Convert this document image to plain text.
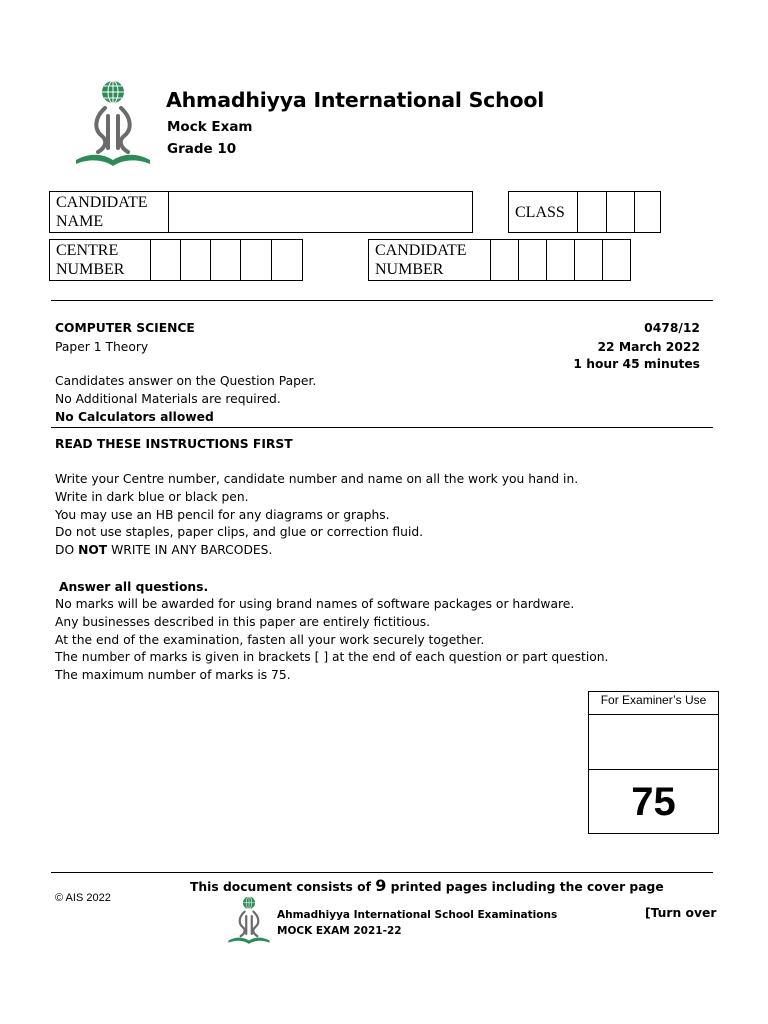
Ahmadhiyya International School
Mock Exam
Grade 10
CANDIDATE
NAME
CLASS
CENTRE
NUMBER
CANDIDATE
NUMBER
COMPUTER SCIENCE
Paper 1 Theory
0478/12
22 March 2022
1 hour 45 minutes
Candidates answer on the Question Paper.
No Additional Materials are required.
No Calculators allowed
READ THESE INSTRUCTIONS FIRST
Write your Centre number, candidate number and name on all the work you hand in.
Write in dark blue or black pen.
You may use an HB pencil for any diagrams or graphs.
Do not use staples, paper clips, and glue or correction fluid.
DO NOT WRITE IN ANY BARCODES.
Answer all questions.
No marks will be awarded for using brand names of software packages or hardware.
Any businesses described in this paper are entirely fictitious.
At the end of the examination, fasten all your work securely together.
The number of marks is given in brackets [ ] at the end of each question or part question.
The maximum number of marks is 75.
For Examiner’s Use
75
This document consists of 9 printed pages including the cover page
© AIS 2022
Ahmadhiyya International School Examinations
MOCK EXAM 2021-22
[Turn over
